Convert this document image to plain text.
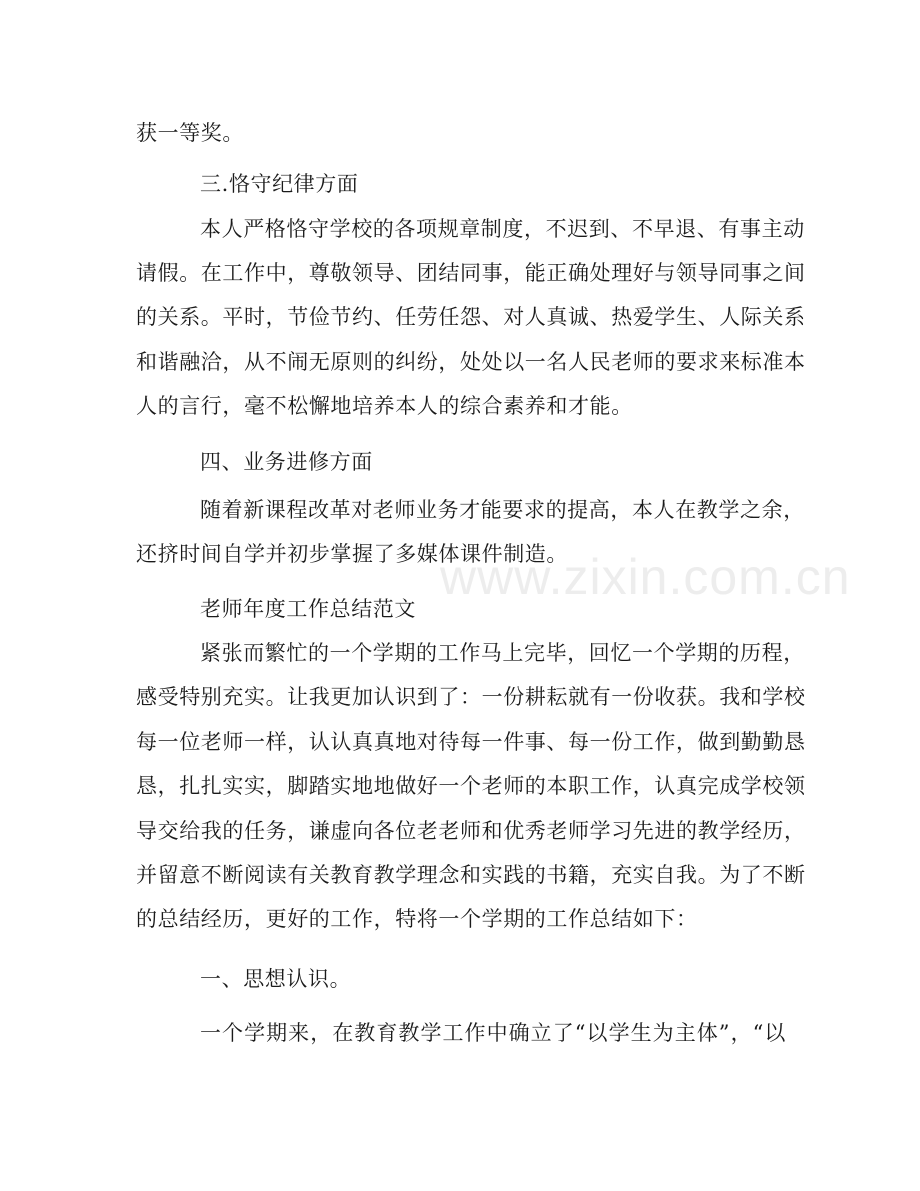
www.zixin.com.cn
获一等奖。
三.恪守纪律方面
本人严格恪守学校的各项规章制度，不迟到、不早退、有事主动
请假。在工作中，尊敬领导、团结同事，能正确处理好与领导同事之间
的关系。平时，节俭节约、任劳任怨、对人真诚、热爱学生、人际关系
和谐融洽，从不闹无原则的纠纷，处处以一名人民老师的要求来标准本
人的言行，毫不松懈地培养本人的综合素养和才能。
四、业务进修方面
随着新课程改革对老师业务才能要求的提高，本人在教学之余，
还挤时间自学并初步掌握了多媒体课件制造。
老师年度工作总结范文
紧张而繁忙的一个学期的工作马上完毕，回忆一个学期的历程，
感受特别充实。让我更加认识到了：一份耕耘就有一份收获。我和学校
每一位老师一样，认认真真地对待每一件事、每一份工作，做到勤勤恳
恳，扎扎实实，脚踏实地地做好一个老师的本职工作，认真完成学校领
导交给我的任务，谦虚向各位老老师和优秀老师学习先进的教学经历，
并留意不断阅读有关教育教学理念和实践的书籍，充实自我。为了不断
的总结经历，更好的工作，特将一个学期的工作总结如下：
一、思想认识。
一个学期来，在教育教学工作中确立了“以学生为主体”，“以
